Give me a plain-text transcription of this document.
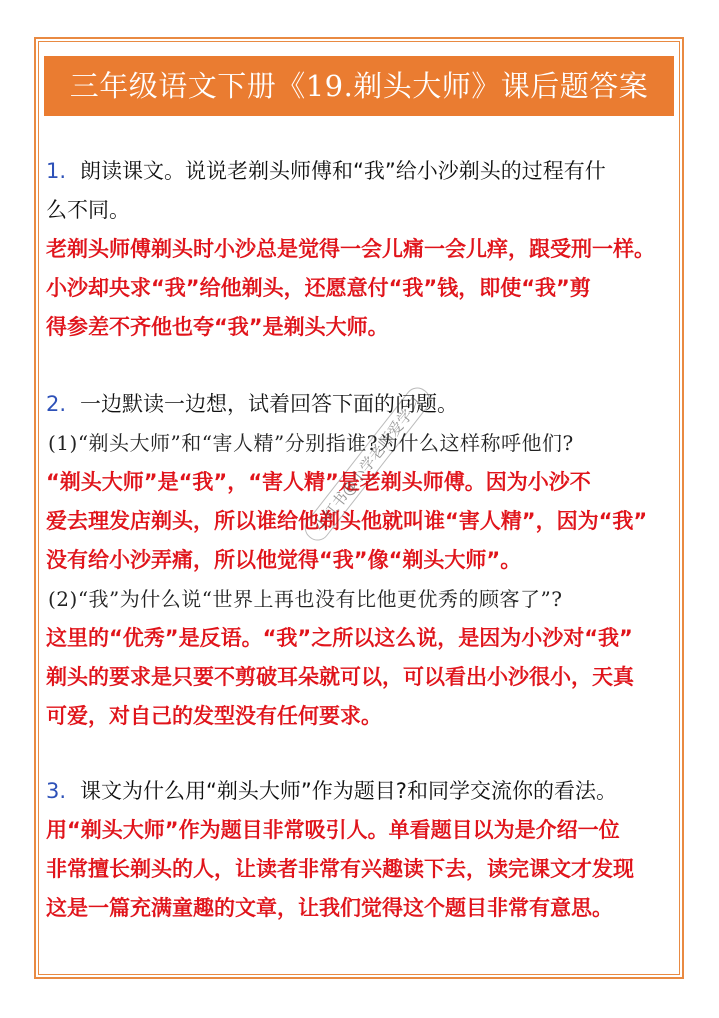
三年级语文下册《19.剃头大师》课后题答案

1. 朗读课文。说说老剃头师傅和“我”给小沙剃头的过程有什

么不同。

老剃头师傅剃头时小沙总是觉得一会儿痛一会儿痒，跟受刑一样。

小沙却央求“我”给他剃头，还愿意付“我”钱，即使“我”剪

得参差不齐他也夸“我”是剃头大师。

2. 一边默读一边想，试着回答下面的问题。

(1)“剃头大师”和“害人精”分别指谁?为什么这样称呼他们?

“剃头大师”是“我”，“害人精”是老剃头师傅。因为小沙不

爱去理发店剃头，所以谁给他剃头他就叫谁“害人精”，因为“我”

没有给小沙弄痛，所以他觉得“我”像“剃头大师”。

(2)“我”为什么说“世界上再也没有比他更优秀的顾客了”?

这里的“优秀”是反语。“我”之所以这么说，是因为小沙对“我”

剃头的要求是只要不剪破耳朵就可以，可以看出小沙很小，天真

可爱，对自己的发型没有任何要求。

3. 课文为什么用“剃头大师”作为题目?和同学交流你的看法。

用“剃头大师”作为题目非常吸引人。单看题目以为是介绍一位

非常擅长剃头的人，让读者非常有兴趣读下去，读完课文才发现

这是一篇充满童趣的文章，让我们觉得这个题目非常有意思。

小红书@小学老师爱学习
